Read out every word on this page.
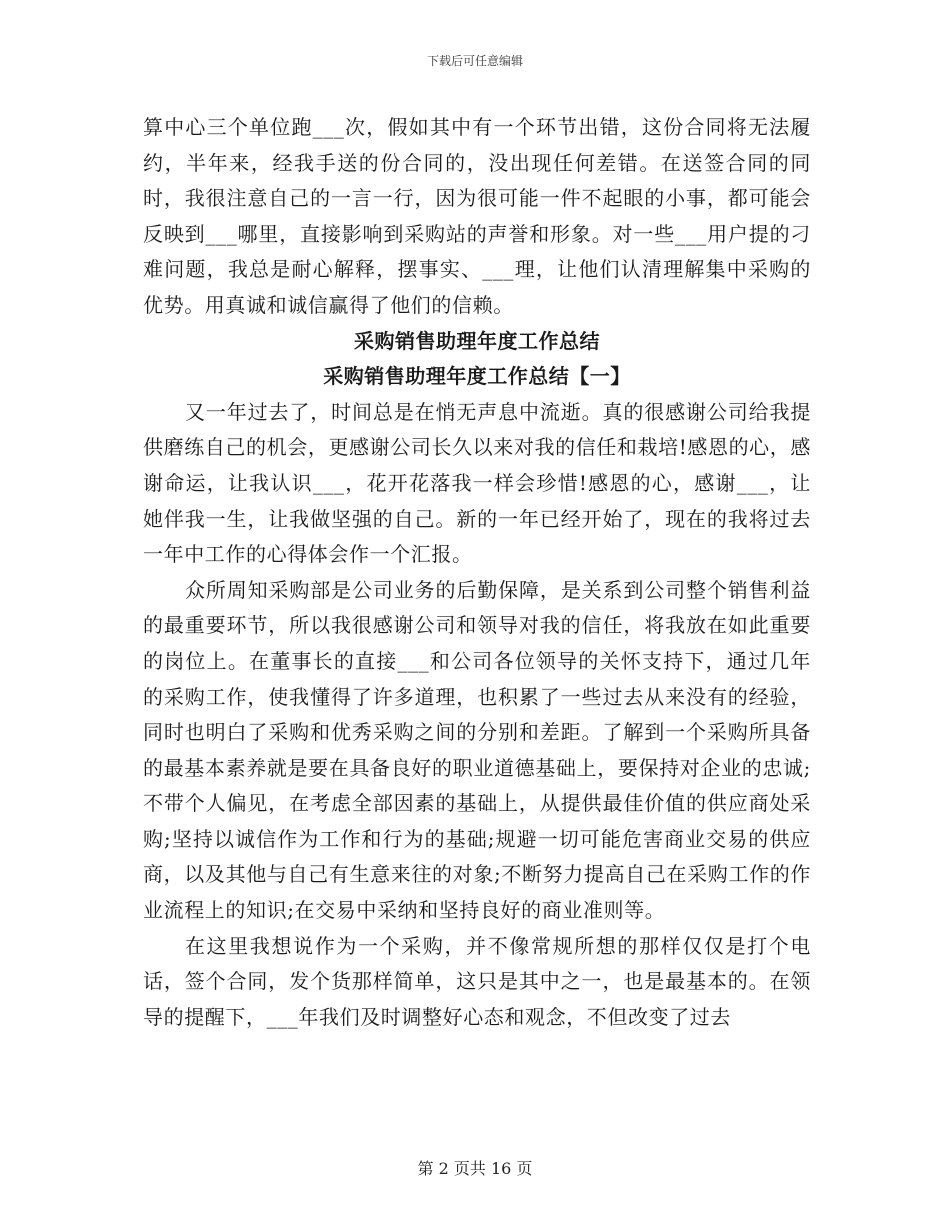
下载后可任意编辑

算中心三个单位跑___次，假如其中有一个环节出错，这份合同将无法履约，半年来，经我手送的份合同的，没出现任何差错。在送签合同的同时，我很注意自己的一言一行，因为很可能一件不起眼的小事，都可能会反映到___哪里，直接影响到采购站的声誉和形象。对一些___用户提的刁难问题，我总是耐心解释，摆事实、___理，让他们认清理解集中采购的优势。用真诚和诚信赢得了他们的信赖。

采购销售助理年度工作总结
采购销售助理年度工作总结【一】

又一年过去了，时间总是在悄无声息中流逝。真的很感谢公司给我提供磨练自己的机会，更感谢公司长久以来对我的信任和栽培!感恩的心，感谢命运，让我认识___，花开花落我一样会珍惜!感恩的心，感谢___，让她伴我一生，让我做坚强的自己。新的一年已经开始了，现在的我将过去一年中工作的心得体会作一个汇报。

众所周知采购部是公司业务的后勤保障，是关系到公司整个销售利益的最重要环节，所以我很感谢公司和领导对我的信任，将我放在如此重要的岗位上。在董事长的直接___和公司各位领导的关怀支持下，通过几年的采购工作，使我懂得了许多道理，也积累了一些过去从来没有的经验，同时也明白了采购和优秀采购之间的分别和差距。了解到一个采购所具备的最基本素养就是要在具备良好的职业道德基础上，要保持对企业的忠诚;不带个人偏见，在考虑全部因素的基础上，从提供最佳价值的供应商处采购;坚持以诚信作为工作和行为的基础;规避一切可能危害商业交易的供应商，以及其他与自己有生意来往的对象;不断努力提高自己在采购工作的作业流程上的知识;在交易中采纳和坚持良好的商业准则等。

在这里我想说作为一个采购，并不像常规所想的那样仅仅是打个电话，签个合同，发个货那样简单，这只是其中之一，也是最基本的。在领导的提醒下，___年我们及时调整好心态和观念，不但改变了过去

第 2 页共 16 页
